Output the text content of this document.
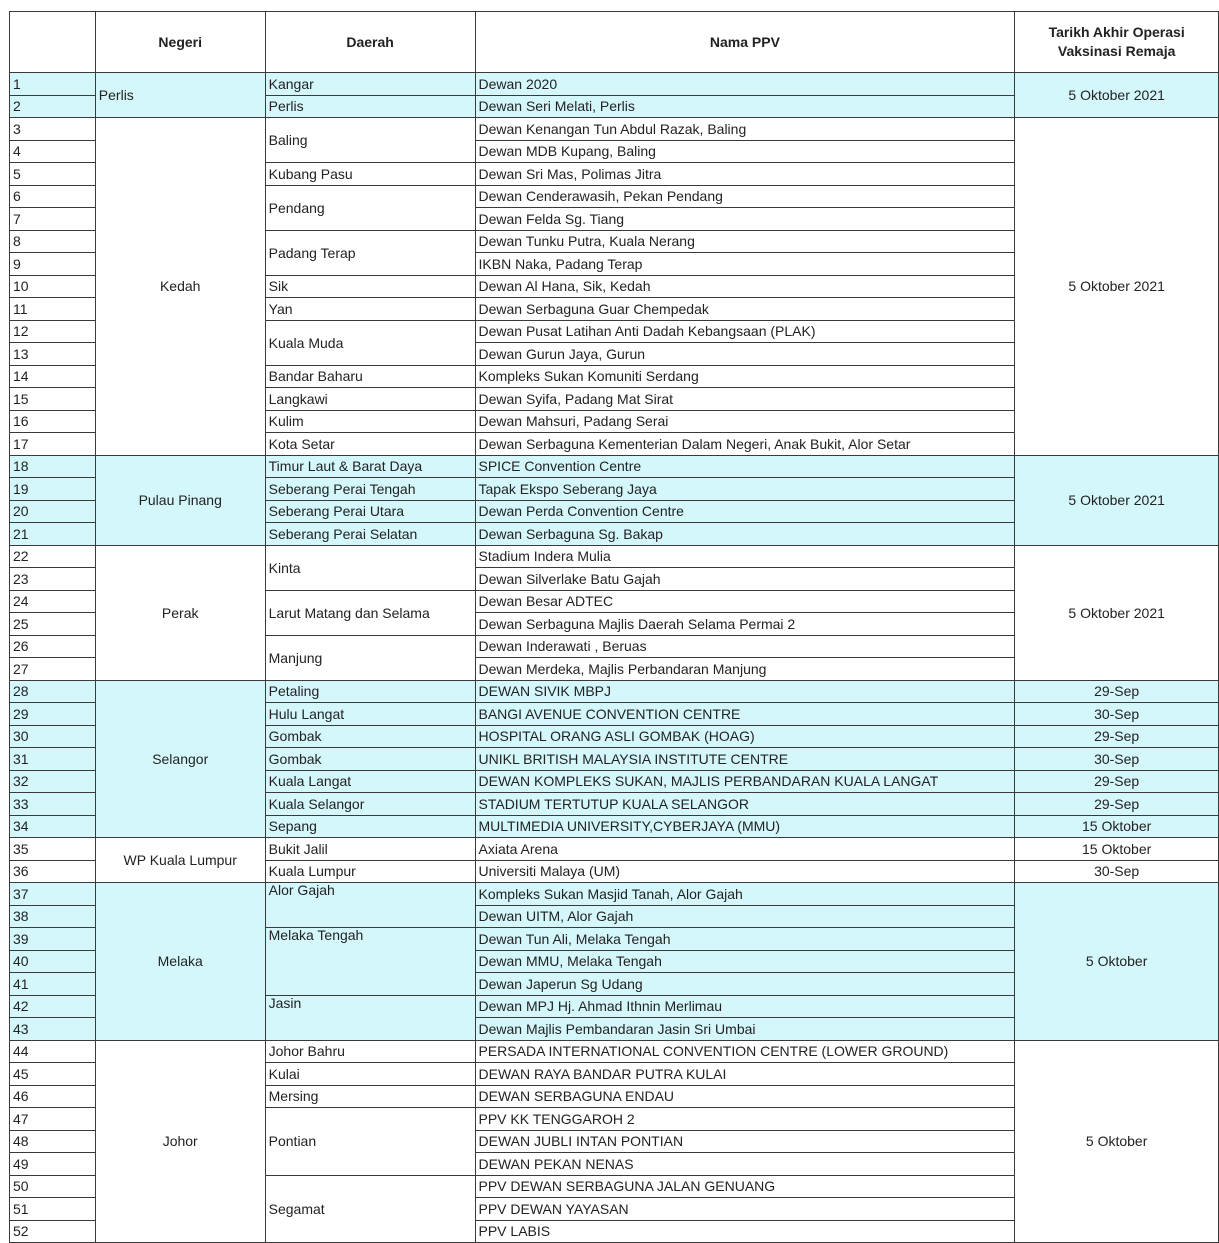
	Negeri	Daerah	Nama PPV	Tarikh Akhir Operasi Vaksinasi Remaja
1	Perlis	Kangar	Dewan 2020	5 Oktober 2021
2		Perlis	Dewan Seri Melati, Perlis	
3	Kedah	Baling	Dewan Kenangan Tun Abdul Razak, Baling	5 Oktober 2021
4			Dewan MDB Kupang, Baling	
5		Kubang Pasu	Dewan Sri Mas, Polimas Jitra	
6		Pendang	Dewan Cenderawasih, Pekan Pendang	
7			Dewan Felda Sg. Tiang	
8		Padang Terap	Dewan Tunku Putra, Kuala Nerang	
9			IKBN Naka, Padang Terap	
10		Sik	Dewan Al Hana, Sik, Kedah	
11		Yan	Dewan Serbaguna Guar Chempedak	
12		Kuala Muda	Dewan Pusat Latihan Anti Dadah Kebangsaan (PLAK)	
13			Dewan Gurun Jaya, Gurun	
14		Bandar Baharu	Kompleks Sukan Komuniti Serdang	
15		Langkawi	Dewan Syifa, Padang Mat Sirat	
16		Kulim	Dewan Mahsuri, Padang Serai	
17		Kota Setar	Dewan Serbaguna Kementerian Dalam Negeri, Anak Bukit, Alor Setar	
18	Pulau Pinang	Timur Laut & Barat Daya	SPICE Convention Centre	5 Oktober 2021
19		Seberang Perai Tengah	Tapak Ekspo Seberang Jaya	
20		Seberang Perai Utara	Dewan Perda Convention Centre	
21		Seberang Perai Selatan	Dewan Serbaguna Sg. Bakap	
22	Perak	Kinta	Stadium Indera Mulia	5 Oktober 2021
23			Dewan Silverlake Batu Gajah	
24		Larut Matang dan Selama	Dewan Besar ADTEC	
25			Dewan Serbaguna Majlis Daerah Selama Permai 2	
26		Manjung	Dewan Inderawati , Beruas	
27			Dewan Merdeka, Majlis Perbandaran Manjung	
28	Selangor	Petaling	DEWAN SIVIK MBPJ	29-Sep
29		Hulu Langat	BANGI AVENUE CONVENTION CENTRE	30-Sep
30		Gombak	HOSPITAL ORANG ASLI GOMBAK (HOAG)	29-Sep
31		Gombak	UNIKL BRITISH MALAYSIA INSTITUTE CENTRE	30-Sep
32		Kuala Langat	DEWAN KOMPLEKS SUKAN, MAJLIS PERBANDARAN KUALA LANGAT	29-Sep
33		Kuala Selangor	STADIUM TERTUTUP KUALA SELANGOR	29-Sep
34		Sepang	MULTIMEDIA UNIVERSITY,CYBERJAYA (MMU)	15 Oktober
35	WP Kuala Lumpur	Bukit Jalil	Axiata Arena	15 Oktober
36		Kuala Lumpur	Universiti Malaya (UM)	30-Sep
37	Melaka	Alor Gajah	Kompleks Sukan Masjid Tanah, Alor Gajah	5 Oktober
38			Dewan UITM, Alor Gajah	
39		Melaka Tengah	Dewan Tun Ali, Melaka Tengah	
40			Dewan MMU, Melaka Tengah	
41			Dewan Japerun Sg Udang	
42		Jasin	Dewan MPJ Hj. Ahmad Ithnin Merlimau	
43			Dewan Majlis Pembandaran Jasin Sri Umbai	
44	Johor	Johor Bahru	PERSADA INTERNATIONAL CONVENTION CENTRE (LOWER GROUND)	5 Oktober
45		Kulai	DEWAN RAYA BANDAR PUTRA KULAI	
46		Mersing	DEWAN SERBAGUNA ENDAU	
47		Pontian	PPV KK TENGGAROH 2	
48			DEWAN JUBLI INTAN PONTIAN	
49			DEWAN PEKAN NENAS	
50		Segamat	PPV DEWAN SERBAGUNA JALAN GENUANG	
51			PPV DEWAN YAYASAN	
52			PPV LABIS	
